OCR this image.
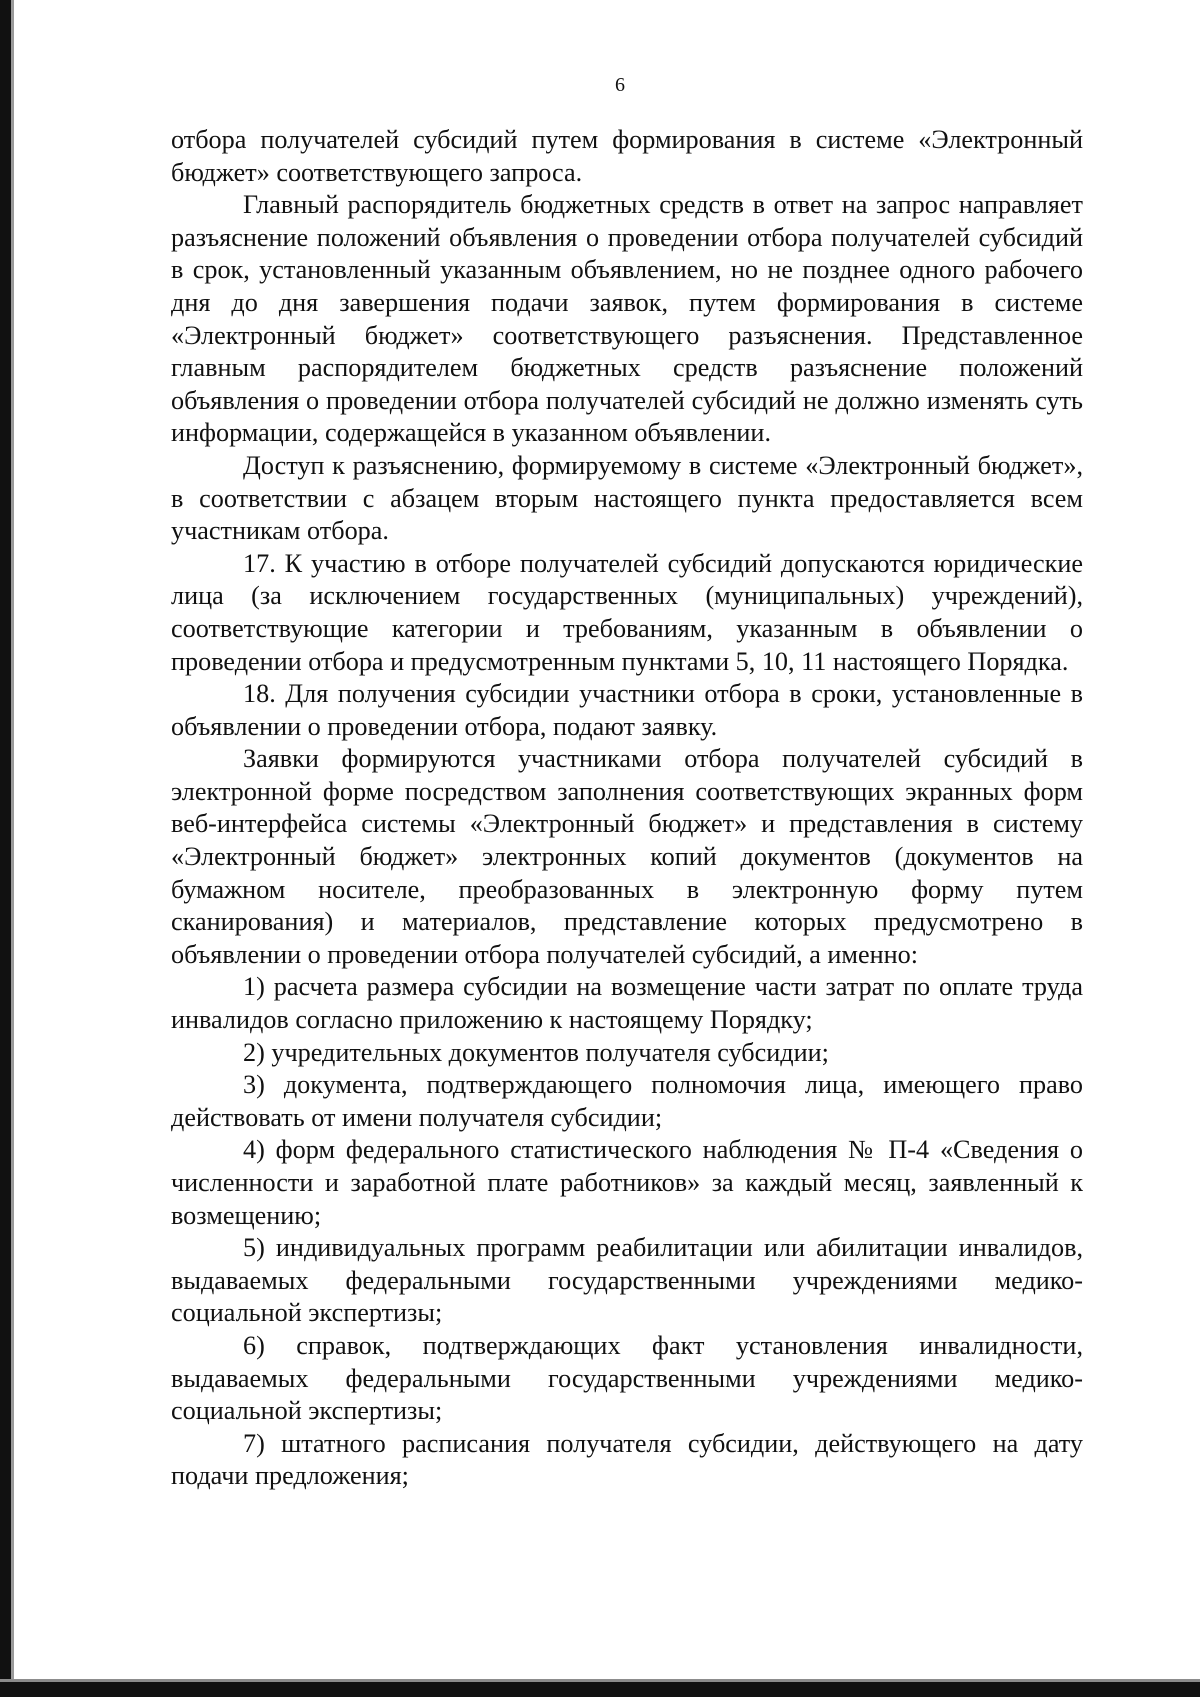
6

отбора получателей субсидий путем формирования в системе «Электронный бюджет» соответствующего запроса.

Главный распорядитель бюджетных средств в ответ на запрос направляет разъяснение положений объявления о проведении отбора получателей субсидий в срок, установленный указанным объявлением, но не позднее одного рабочего дня до дня завершения подачи заявок, путем формирования в системе «Электронный бюджет» соответствующего разъяснения. Представленное главным распорядителем бюджетных средств разъяснение положений объявления о проведении отбора получателей субсидий не должно изменять суть информации, содержащейся в указанном объявлении.

Доступ к разъяснению, формируемому в системе «Электронный бюджет», в соответствии с абзацем вторым настоящего пункта предоставляется всем участникам отбора.

17. К участию в отборе получателей субсидий допускаются юридические лица (за исключением государственных (муниципальных) учреждений), соответствующие категории и требованиям, указанным в объявлении о проведении отбора и предусмотренным пунктами 5, 10, 11 настоящего Порядка.

18. Для получения субсидии участники отбора в сроки, установленные в объявлении о проведении отбора, подают заявку.

Заявки формируются участниками отбора получателей субсидий в электронной форме посредством заполнения соответствующих экранных форм веб-интерфейса системы «Электронный бюджет» и представления в систему «Электронный бюджет» электронных копий документов (документов на бумажном носителе, преобразованных в электронную форму путем сканирования) и материалов, представление которых предусмотрено в объявлении о проведении отбора получателей субсидий, а именно:

1) расчета размера субсидии на возмещение части затрат по оплате труда инвалидов согласно приложению к настоящему Порядку;

2) учредительных документов получателя субсидии;

3) документа, подтверждающего полномочия лица, имеющего право действовать от имени получателя субсидии;

4) форм федерального статистического наблюдения № П-4 «Сведения о численности и заработной плате работников» за каждый месяц, заявленный к возмещению;

5) индивидуальных программ реабилитации или абилитации инвалидов, выдаваемых федеральными государственными учреждениями медико-социальной экспертизы;

6) справок, подтверждающих факт установления инвалидности, выдаваемых федеральными государственными учреждениями медико-социальной экспертизы;

7) штатного расписания получателя субсидии, действующего на дату подачи предложения;
